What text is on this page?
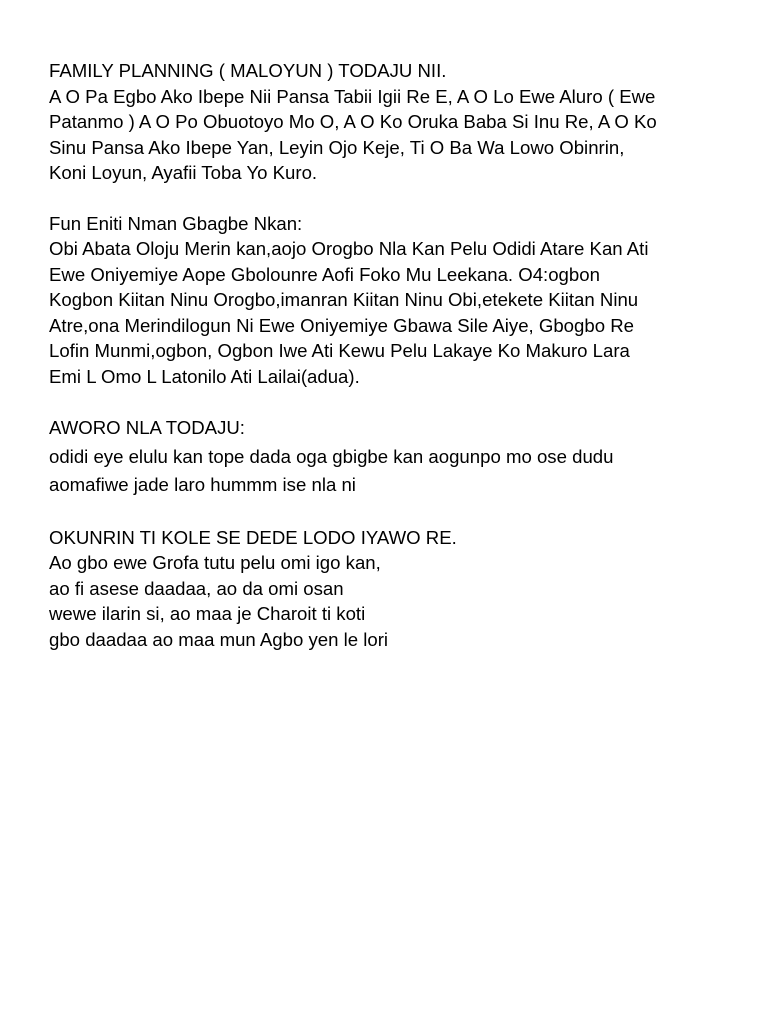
FAMILY PLANNING ( MALOYUN ) TODAJU NII.

A O Pa Egbo Ako Ibepe Nii Pansa Tabii Igii Re E, A O Lo Ewe Aluro ( Ewe
Patanmo ) A O Po Obuotoyo Mo O, A O Ko Oruka Baba Si Inu Re, A O Ko
Sinu Pansa Ako Ibepe Yan, Leyin Ojo Keje, Ti O Ba Wa Lowo Obinrin,
Koni Loyun, Ayafii Toba Yo Kuro.

Fun Eniti Nman Gbagbe Nkan:

Obi Abata Oloju Merin kan,aojo Orogbo Nla Kan Pelu Odidi Atare Kan Ati
Ewe Oniyemiye Aope Gbolounre Aofi Foko Mu Leekana. O4:ogbon
Kogbon Kiitan Ninu Orogbo,imanran Kiitan Ninu Obi,etekete Kiitan Ninu
Atre,ona Merindilogun Ni Ewe Oniyemiye Gbawa Sile Aiye, Gbogbo Re
Lofin Munmi,ogbon, Ogbon Iwe Ati Kewu Pelu Lakaye Ko Makuro Lara
Emi L Omo L Latonilo Ati Lailai(adua).

AWORO NLA TODAJU:

odidi eye elulu kan tope dada oga gbigbe kan aogunpo mo ose dudu
aomafiwe jade laro hummm ise nla ni

OKUNRIN TI KOLE SE DEDE LODO IYAWO RE.

Ao gbo ewe Grofa tutu pelu omi igo kan,
ao fi asese daadaa, ao da omi osan
wewe ilarin si, ao maa je Charoit ti koti
gbo daadaa ao maa mun Agbo yen le lori
